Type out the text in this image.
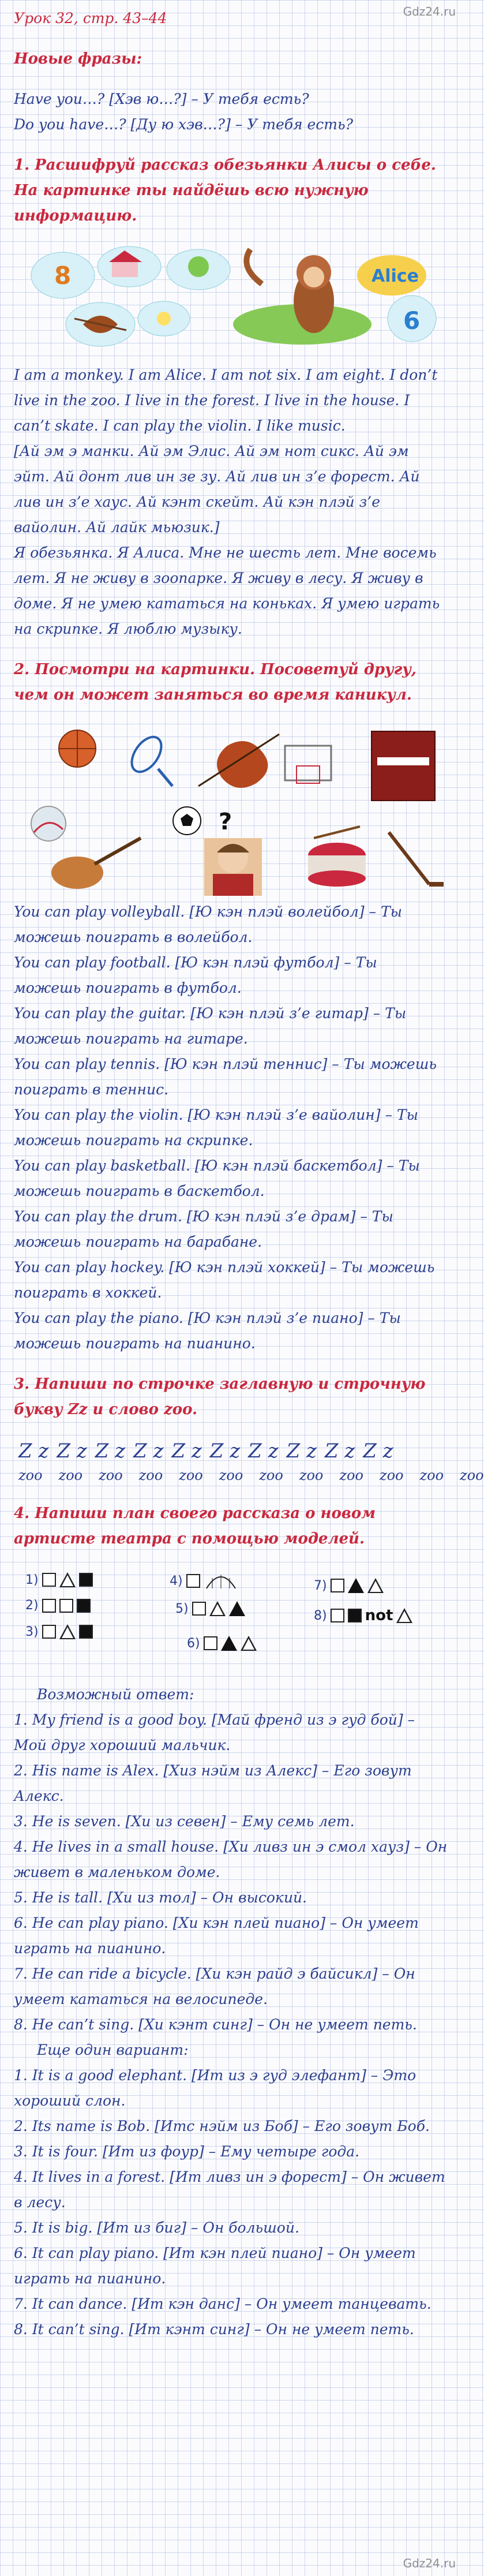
Gdz24.ru

Урок 32, стр. 43–44

Новые фразы:

Have you…? [Хэв ю…?] – У тебя есть?

Do you have…? [Ду ю хэв…?] – У тебя есть?

1. Расшифруй рассказ обезьянки Алисы о себе. На картинке ты найдёшь всю нужную информацию.

8	Alice
6

I am a monkey. I am Alice. I am not six. I am eight. I don’t live in the zoo. I live in the forest. I live in the house. I can’t skate. I can play the violin. I like music.

[Ай эм э манки. Ай эм Элис. Ай эм нот сикс. Ай эм эйт. Ай донт лив ин зе зу. Ай лив ин з’е форест. Ай лив ин з’е хаус. Ай кэнт скейт. Ай кэн плэй з’е вайолин. Ай лайк мьюзик.]

Я обезьянка. Я Алиса. Мне не шесть лет. Мне восемь лет. Я не живу в зоопарке. Я живу в лесу. Я живу в доме. Я не умею кататься на коньках. Я умею играть на скрипке. Я люблю музыку.

2. Посмотри на картинки. Посоветуй другу, чем он может заняться во время каникул.

?

You can play volleyball. [Ю кэн плэй волейбол] – Ты можешь поиграть в волейбол.

You can play football. [Ю кэн плэй футбол] – Ты можешь поиграть в футбол.

You can play the guitar. [Ю кэн плэй з’е гитар] – Ты можешь поиграть на гитаре.

You can play tennis. [Ю кэн плэй теннис] – Ты можешь поиграть в теннис.

You can play the violin. [Ю кэн плэй з’е вайолин] – Ты можешь поиграть на скрипке.

You can play basketball. [Ю кэн плэй баскетбол] – Ты можешь поиграть в баскетбол.

You can play the drum. [Ю кэн плэй з’е драм] – Ты можешь поиграть на барабане.

You can play hockey. [Ю кэн плэй хоккей] – Ты можешь поиграть в хоккей.

You can play the piano. [Ю кэн плэй з’е пиано] – Ты можешь поиграть на пианино.

3. Напиши по строчке заглавную и строчную букву Zz и слово zoo.

Z z Z z Z z Z z Z z Z z Z z Z z Z z Z z
zoo zoo zoo zoo zoo zoo zoo zoo zoo zoo zoo zoo

4. Напиши план своего рассказа о новом артисте театра с помощью моделей.

1)
2)
3)
4)
5)
6)
7)
8)	not

Возможный ответ:

1. My friend is a good boy. [Май френд из э гуд бой] – Мой друг хороший мальчик.

2. His name is Alex. [Хиз нэйм из Алекс] – Его зовут Алекс.

3. He is seven. [Хи из севен] – Ему семь лет.

4. He lives in a small house. [Хи ливз ин э смол хауз] – Он живет в маленьком доме.

5. He is tall. [Хи из тол] – Он высокий.

6. He can play piano. [Хи кэн плей пиано] – Он умеет играть на пианино.

7. He can ride a bicycle. [Хи кэн райд э байсикл] – Он умеет кататься на велосипеде.

8. He can’t sing. [Хи кэнт синг] – Он не умеет петь.

Еще один вариант:

1. It is a good elephant. [Ит из э гуд элефант] – Это хороший слон.

2. Its name is Bob. [Итс нэйм из Боб] – Его зовут Боб.

3. It is four. [Ит из фоур] – Ему четыре года.

4. It lives in a forest. [Ит ливз ин э форест] – Он живет в лесу.

5. It is big. [Ит из биг] – Он большой.

6. It can play piano. [Ит кэн плей пиано] – Он умеет играть на пианино.

7. It can dance. [Ит кэн данс] – Он умеет танцевать.

8. It can’t sing. [Ит кэнт синг] – Он не умеет петь.

Gdz24.ru
